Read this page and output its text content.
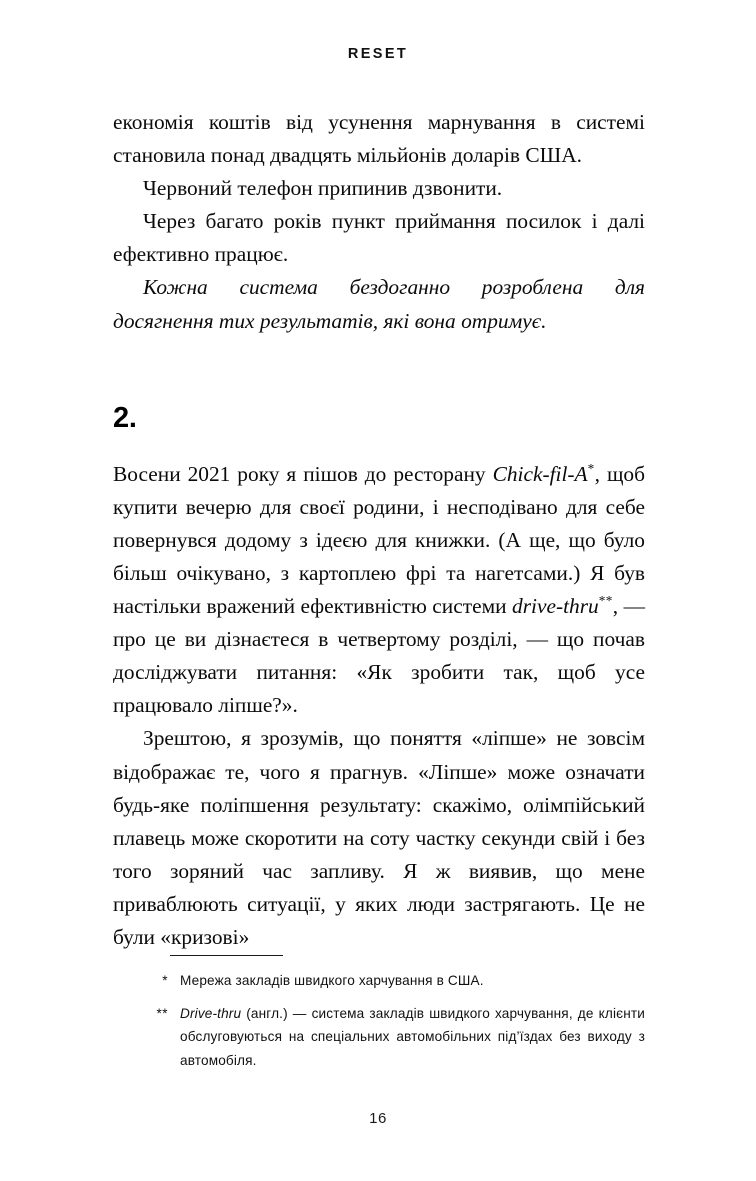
RESET

економія коштів від усунення марнування в системі становила понад двадцять мільйонів доларів США.

Червоний телефон припинив дзвонити.

Через багато років пункт приймання посилок і далі ефективно працює.

Кожна система бездоганно розроблена для досягнення тих результатів, які вона отримує.

2.

Восени 2021 року я пішов до ресторану Chick-fil-A*, щоб купити вечерю для своєї родини, і несподівано для себе повернувся додому з ідеєю для книжки. (А ще, що було більш очікувано, з картоплею фрі та нагетсами.) Я був настільки вражений ефективністю системи drive-thru**, — про це ви дізнаєтеся в четвертому розділі, — що почав досліджувати питання: «Як зробити так, щоб усе працювало ліпше?».

Зрештою, я зрозумів, що поняття «ліпше» не зовсім відображає те, чого я прагнув. «Ліпше» може означати будь-яке поліпшення результату: скажімо, олімпійський плавець може скоротити на соту частку секунди свій і без того зоряний час запливу. Я ж виявив, що мене приваблюють ситуації, у яких люди застрягають. Це не були «кризові»

* Мережа закладів швидкого харчування в США.
** Drive-thru (англ.) — система закладів швидкого харчування, де клієнти обслуговуються на спеціальних автомобільних під’їздах без виходу з автомобіля.
16
